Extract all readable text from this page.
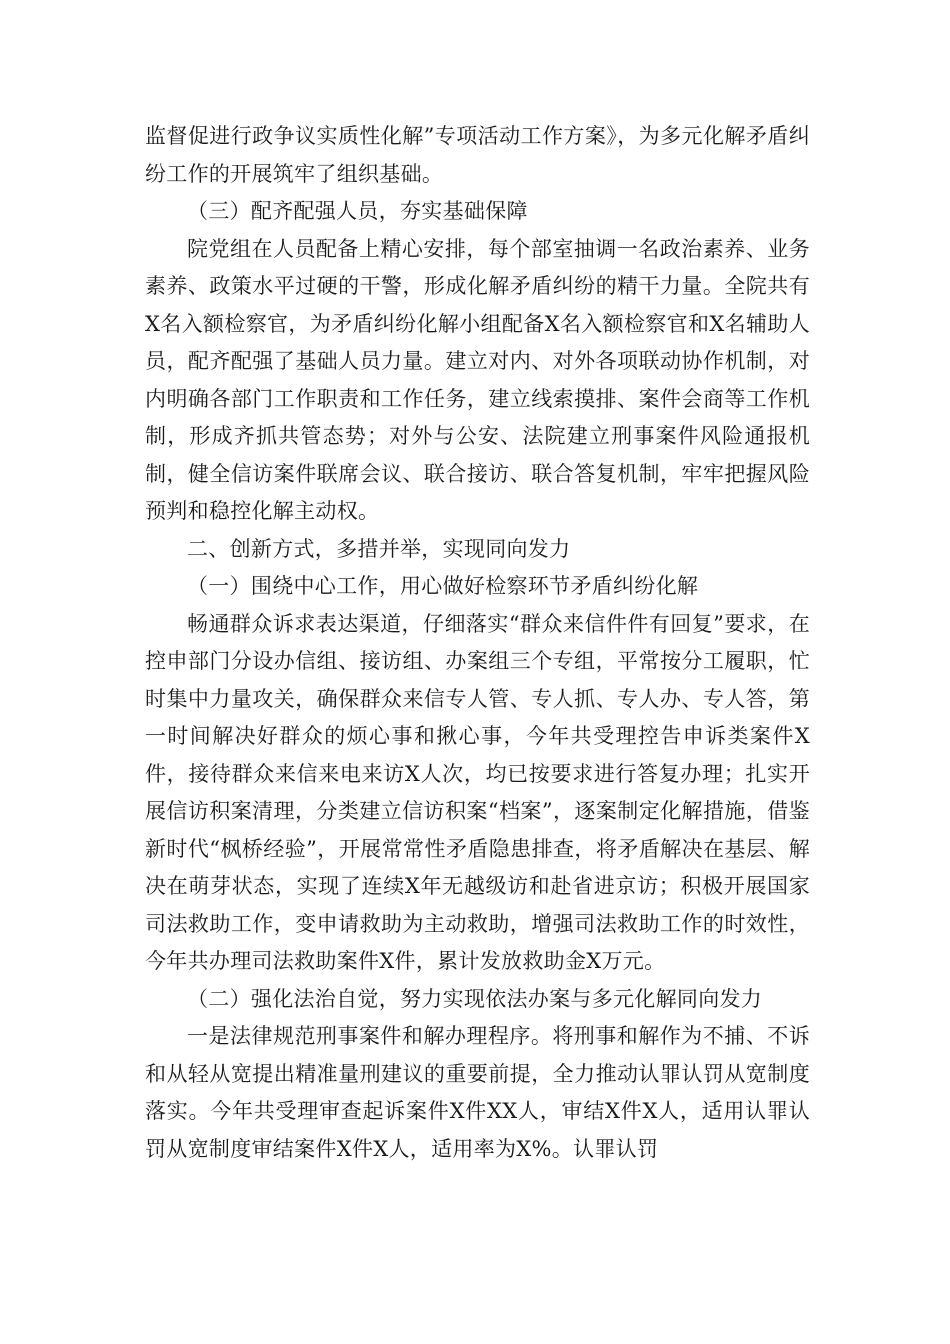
监督促进行政争议实质性化解”专项活动工作方案》，为多元化解矛盾纠纷工作的开展筑牢了组织基础。

（三）配齐配强人员，夯实基础保障

院党组在人员配备上精心安排，每个部室抽调一名政治素养、业务素养、政策水平过硬的干警，形成化解矛盾纠纷的精干力量。全院共有X名入额检察官，为矛盾纠纷化解小组配备X名入额检察官和X名辅助人员，配齐配强了基础人员力量。建立对内、对外各项联动协作机制，对内明确各部门工作职责和工作任务，建立线索摸排、案件会商等工作机制，形成齐抓共管态势；对外与公安、法院建立刑事案件风险通报机制，健全信访案件联席会议、联合接访、联合答复机制，牢牢把握风险预判和稳控化解主动权。

二、创新方式，多措并举，实现同向发力

（一）围绕中心工作，用心做好检察环节矛盾纠纷化解

畅通群众诉求表达渠道，仔细落实“群众来信件件有回复”要求，在控申部门分设办信组、接访组、办案组三个专组，平常按分工履职，忙时集中力量攻关，确保群众来信专人管、专人抓、专人办、专人答，第一时间解决好群众的烦心事和揪心事，今年共受理控告申诉类案件X件，接待群众来信来电来访X人次，均已按要求进行答复办理；扎实开展信访积案清理，分类建立信访积案“档案”，逐案制定化解措施，借鉴新时代“枫桥经验”，开展常常性矛盾隐患排查，将矛盾解决在基层、解决在萌芽状态，实现了连续X年无越级访和赴省进京访；积极开展国家司法救助工作，变申请救助为主动救助，增强司法救助工作的时效性，今年共办理司法救助案件X件，累计发放救助金X万元。

（二）强化法治自觉，努力实现依法办案与多元化解同向发力

一是法律规范刑事案件和解办理程序。将刑事和解作为不捕、不诉和从轻从宽提出精准量刑建议的重要前提，全力推动认罪认罚从宽制度落实。今年共受理审查起诉案件X件XX人，审结X件X人，适用认罪认罚从宽制度审结案件X件X人，适用率为X%。认罪认罚
